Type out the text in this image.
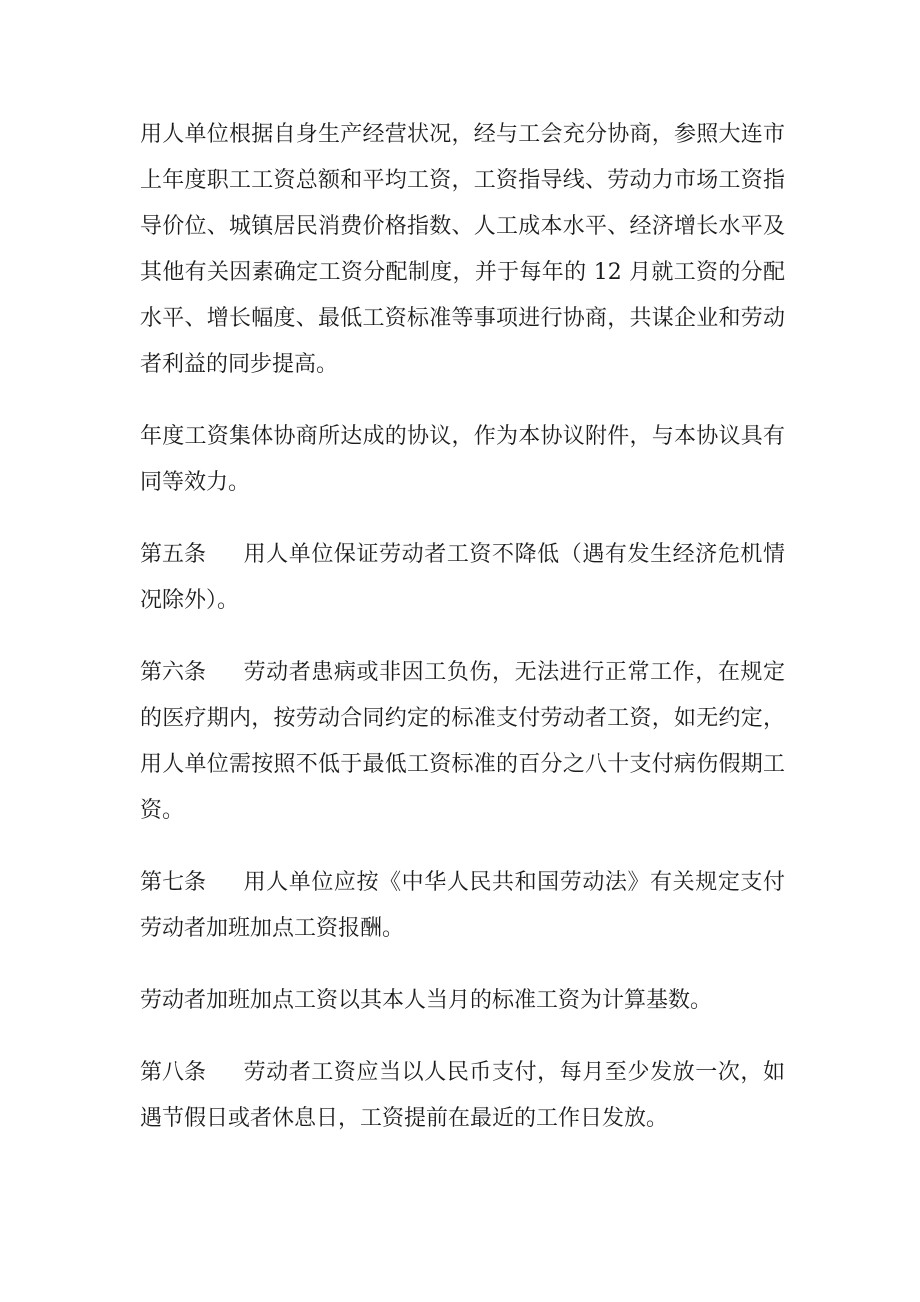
用人单位根据自身生产经营状况，经与工会充分协商，参照大连市上年度职工工资总额和平均工资，工资指导线、劳动力市场工资指导价位、城镇居民消费价格指数、人工成本水平、经济增长水平及其他有关因素确定工资分配制度，并于每年的 12 月就工资的分配水平、增长幅度、最低工资标准等事项进行协商，共谋企业和劳动者利益的同步提高。

年度工资集体协商所达成的协议，作为本协议附件，与本协议具有同等效力。

第五条 用人单位保证劳动者工资不降低（遇有发生经济危机情况除外）。

第六条 劳动者患病或非因工负伤，无法进行正常工作，在规定的医疗期内，按劳动合同约定的标准支付劳动者工资，如无约定，用人单位需按照不低于最低工资标准的百分之八十支付病伤假期工资。

第七条 用人单位应按《中华人民共和国劳动法》有关规定支付劳动者加班加点工资报酬。

劳动者加班加点工资以其本人当月的标准工资为计算基数。

第八条 劳动者工资应当以人民币支付，每月至少发放一次，如遇节假日或者休息日，工资提前在最近的工作日发放。
